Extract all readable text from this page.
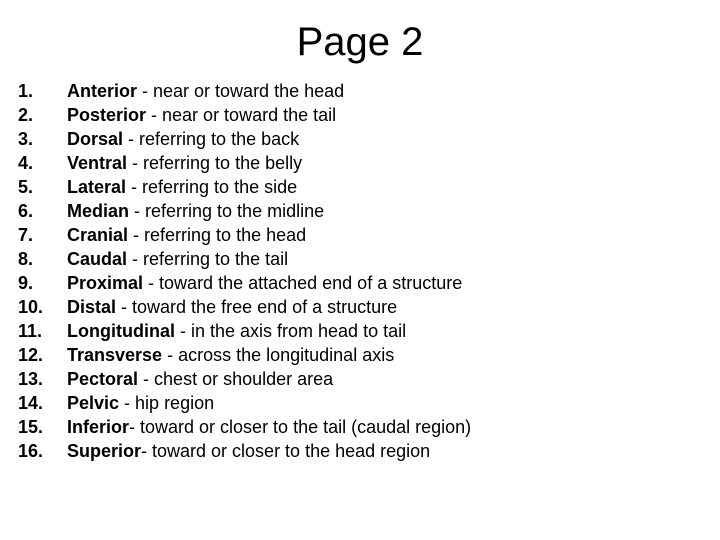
Page 2
1.	Anterior - near or toward the head
2.	Posterior - near or toward the tail
3.	Dorsal - referring to the back
4.	Ventral - referring to the belly
5.	Lateral - referring to the side
6.	Median - referring to the midline
7.	Cranial - referring to the head
8.	Caudal - referring to the tail
9.	Proximal - toward the attached end of a structure
10.	Distal - toward the free end of a structure
11.	Longitudinal - in the axis from head to tail
12.	Transverse - across the longitudinal axis
13.	Pectoral - chest or shoulder area
14.	Pelvic - hip region
15.	Inferior- toward or closer to the tail (caudal region)
16.	Superior- toward or closer to the head region
